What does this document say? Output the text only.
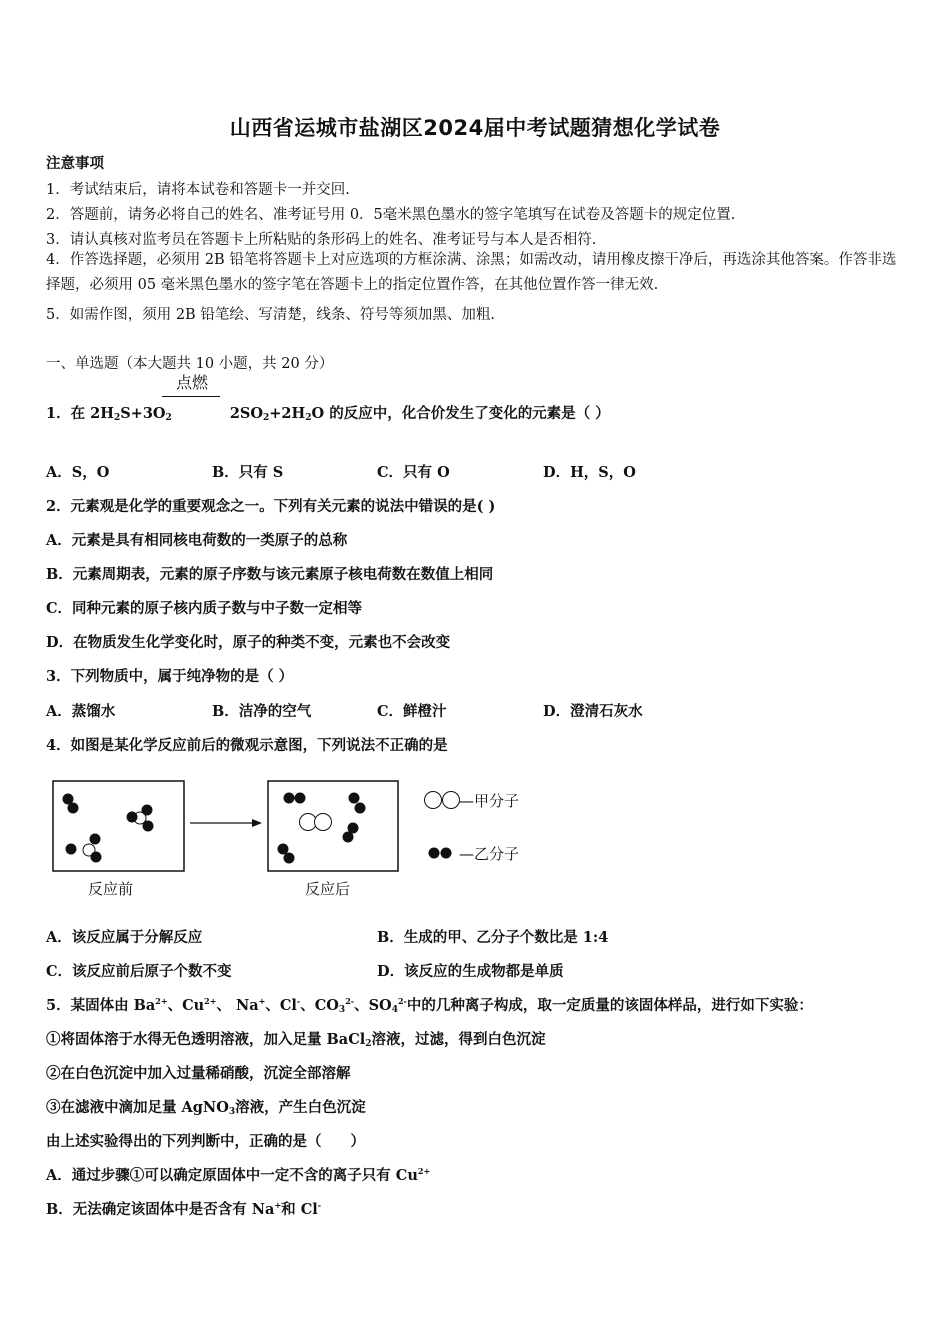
山西省运城市盐湖区2024届中考试题猜想化学试卷
注意事项
1．考试结束后，请将本试卷和答题卡一并交回.
2．答题前，请务必将自己的姓名、准考证号用 0．5毫米黑色墨水的签字笔填写在试卷及答题卡的规定位置.
3．请认真核对监考员在答题卡上所粘贴的条形码上的姓名、准考证号与本人是否相符.
4．作答选择题，必须用 2B 铅笔将答题卡上对应选项的方框涂满、涂黑；如需改动，请用橡皮擦干净后，再选涂其他答案。作答非选择题，必须用 05 毫米黑色墨水的签字笔在答题卡上的指定位置作答，在其他位置作答一律无效.
5．如需作图，须用 2B 铅笔绘、写清楚，线条、符号等须加黑、加粗.
一、单选题（本大题共 10 小题，共 20 分）
点燃
1．在 $2H_2S+3O_2$	$2SO_2+2H_2O$ 的反应中，化合价发生了变化的元素是（ ）
A．S，O	B．只有 S	C．只有 O	D．H，S，O
2．元素观是化学的重要观念之一。下列有关元素的说法中错误的是( )
A．元素是具有相同核电荷数的一类原子的总称
B．元素周期表，元素的原子序数与该元素原子核电荷数在数值上相同
C．同种元素的原子核内质子数与中子数一定相等
D．在物质发生化学变化时，原子的种类不变，元素也不会改变
3．下列物质中，属于纯净物的是（ ）
A．蒸馏水	B．洁净的空气	C．鲜橙汁	D．澄清石灰水
4．如图是某化学反应前后的微观示意图，下列说法不正确的是
反应前	反应后
—甲分子
—乙分子
A．该反应属于分解反应	B．生成的甲、乙分子个数比是 1:4
C．该反应前后原子个数不变	D．该反应的生成物都是单质
5．某固体由 $Ba^{2+}$、$Cu^{2+}$、 Na+、Cl-、$CO_3^{2-}$、$SO_4^{2-}$中的几种离子构成，取一定质量的该固体样品，进行如下实验：
①将固体溶于水得无色透明溶液，加入足量 BaCl$_2$溶液，过滤，得到白色沉淀
②在白色沉淀中加入过量稀硝酸，沉淀全部溶解
③在滤液中滴加足量 AgNO$_3$溶液，产生白色沉淀
由上述实验得出的下列判断中，正确的是（　　）
A．通过步骤①可以确定原固体中一定不含的离子只有 $Cu^{2+}$
B．无法确定该固体中是否含有 Na+和 Cl-
